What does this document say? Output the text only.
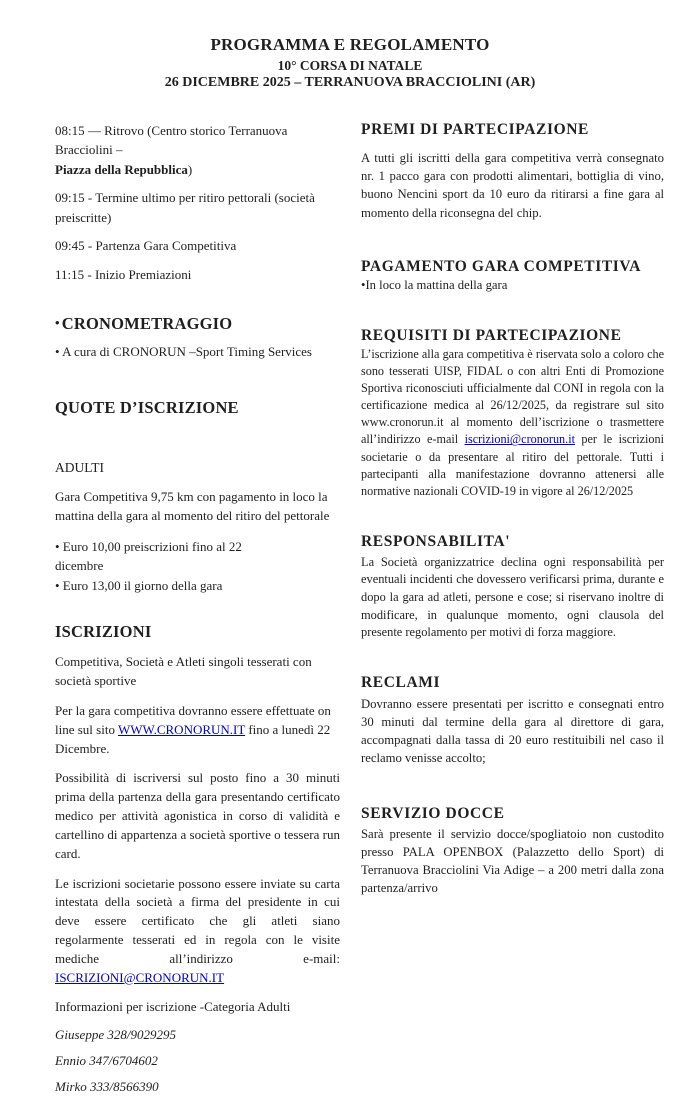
PROGRAMMA E REGOLAMENTO
10° CORSA DI NATALE
26 DICEMBRE 2025 – TERRANUOVA BRACCIOLINI (AR)

08:15 — Ritrovo (Centro storico Terranuova Bracciolini –
Piazza della Repubblica)

09:15 - Termine ultimo per ritiro pettorali (società preiscritte)

09:45 - Partenza Gara Competitiva

11:15 - Inizio Premiazioni

• CRONOMETRAGGIO

• A cura di CRONORUN –Sport Timing Services

QUOTE D’ISCRIZIONE

ADULTI

Gara Competitiva 9,75 km con pagamento in loco la mattina della gara al momento del ritiro del pettorale

• Euro 10,00 preiscrizioni fino al 22
dicembre
• Euro 13,00 il giorno della gara
ISCRIZIONI

Competitiva, Società e Atleti singoli tesserati con società sportive

Per la gara competitiva dovranno essere effettuate on line sul sito WWW.CRONORUN.IT fino a lunedì 22 Dicembre.

Possibilità di iscriversi sul posto fino a 30 minuti prima della partenza della gara presentando certificato medico per attività agonistica in corso di validità e cartellino di appartenza a società sportive o tessera run card.

Le iscrizioni societarie possono essere inviate su carta intestata della società a firma del presidente in cui deve essere certificato che gli atleti siano regolarmente tesserati ed in regola con le visite mediche all’indirizzo e-mail: ISCRIZIONI@CRONORUN.IT

Informazioni per iscrizione -Categoria Adulti

Giuseppe 328/9029295

Ennio 347/6704602

Mirko 333/8566390

PREMI DI PARTECIPAZIONE

A tutti gli iscritti della gara competitiva verrà consegnato nr. 1 pacco gara con prodotti alimentari, bottiglia di vino, buono Nencini sport da 10 euro da ritirarsi a fine gara al momento della riconsegna del chip.

PAGAMENTO GARA COMPETITIVA

•In loco la mattina della gara

REQUISITI DI PARTECIPAZIONE

L’iscrizione alla gara competitiva è riservata solo a coloro che sono tesserati UISP, FIDAL o con altri Enti di Promozione Sportiva riconosciuti ufficialmente dal CONI in regola con la certificazione medica al 26/12/2025, da registrare sul sito www.cronorun.it al momento dell’iscrizione o trasmettere all’indirizzo e-mail iscrizioni@cronorun.it per le iscrizioni societarie o da presentare al ritiro del pettorale. Tutti i partecipanti alla manifestazione dovranno attenersi alle normative nazionali COVID-19 in vigore al 26/12/2025

RESPONSABILITA'

La Società organizzatrice declina ogni responsabilità per eventuali incidenti che dovessero verificarsi prima, durante e dopo la gara ad atleti, persone e cose; si riservano inoltre di modificare, in qualunque momento, ogni clausola del presente regolamento per motivi di forza maggiore.

RECLAMI

Dovranno essere presentati per iscritto e consegnati entro 30 minuti dal termine della gara al direttore di gara, accompagnati dalla tassa di 20 euro restituibili nel caso il reclamo venisse accolto;

SERVIZIO DOCCE

Sarà presente il servizio docce/spogliatoio non custodito presso PALA OPENBOX (Palazzetto dello Sport) di Terranuova Bracciolini Via Adige – a 200 metri dalla zona partenza/arrivo
